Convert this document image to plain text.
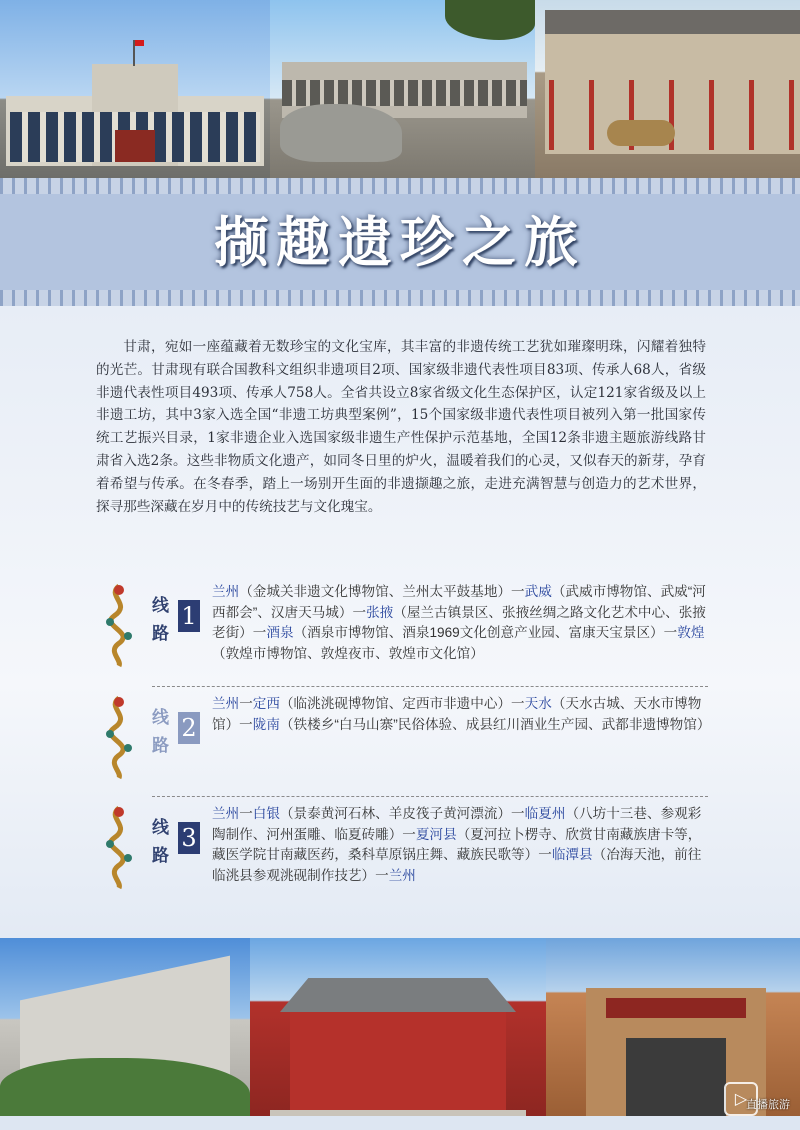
撷趣遗珍之旅

甘肃，宛如一座蕴藏着无数珍宝的文化宝库，其丰富的非遗传统工艺犹如璀璨明珠，闪耀着独特的光芒。甘肃现有联合国教科文组织非遗项目2项、国家级非遗代表性项目83项、传承人68人，省级非遗代表性项目493项、传承人758人。全省共设立8家省级文化生态保护区，认定121家省级及以上非遗工坊，其中3家入选全国“非遗工坊典型案例”，15个国家级非遗代表性项目被列入第一批国家传统工艺振兴目录，1家非遗企业入选国家级非遗生产性保护示范基地，全国12条非遗主题旅游线路甘肃省入选2条。这些非物质文化遗产，如同冬日里的炉火，温暖着我们的心灵，又似春天的新芽，孕育着希望与传承。在冬春季，踏上一场别开生面的非遗撷趣之旅，走进充满智慧与创造力的艺术世界，探寻那些深藏在岁月中的传统技艺与文化瑰宝。

线路
1
兰州（金城关非遗文化博物馆、兰州太平鼓基地）一武威（武威市博物馆、武威“河西都会”、汉唐天马城）一张掖（屋兰古镇景区、张掖丝绸之路文化艺术中心、张掖老街）一酒泉（酒泉市博物馆、酒泉1969文化创意产业园、富康天宝景区）一敦煌（敦煌市博物馆、敦煌夜市、敦煌市文化馆）
线路
2
兰州一定西（临洮洮砚博物馆、定西市非遗中心）一天水（天水古城、天水市博物馆）一陇南（铁楼乡“白马山寨”民俗体验、成县红川酒业生产园、武都非遗博物馆）
线路
3
兰州一白银（景泰黄河石林、羊皮筏子黄河漂流）一临夏州（八坊十三巷、参观彩陶制作、河州蛋雕、临夏砖雕）一夏河县（夏河拉卜楞寺、欣赏甘南藏族唐卡等，藏医学院甘南藏医药，桑科草原锅庄舞、藏族民歌等）一临潭县（冶海天池，前往临洮县参观洮砚制作技艺）一兰州
▷
直播旅游
